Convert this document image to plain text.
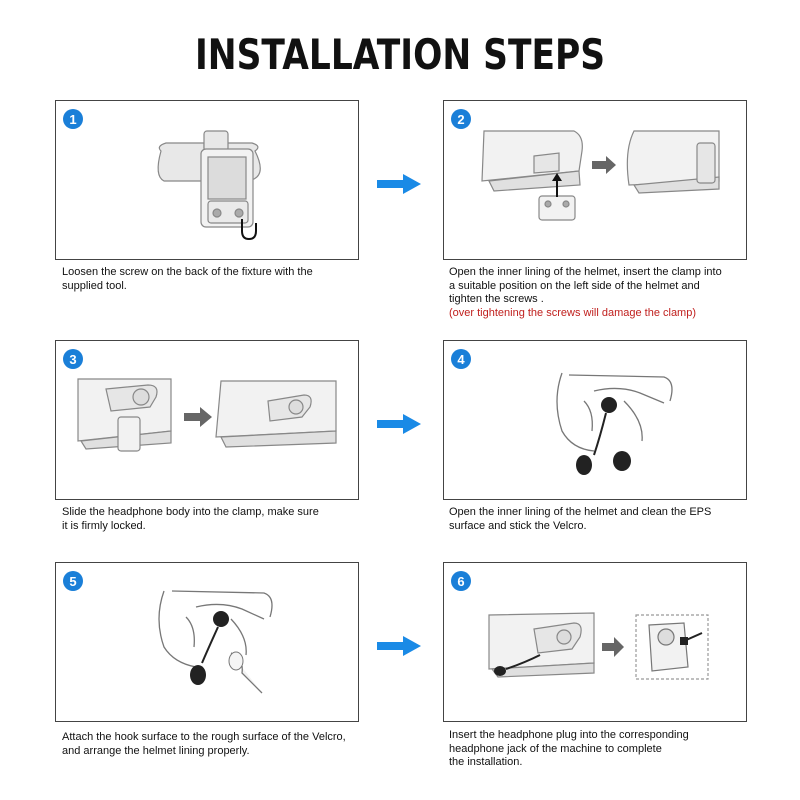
INSTALLATION STEPS
1
Loosen the screw on the back of the fixture with the
supplied tool.
2
Open the inner lining of the helmet, insert the clamp into
a suitable position on the left side of the helmet and
tighten the screws .
(over tightening the screws will damage the clamp)
3
Slide the headphone body into the clamp, make sure
it is firmly locked.
4
Open the inner lining of the helmet and clean the EPS
surface and stick the Velcro.
5
Attach the hook surface to the rough surface of the Velcro,
and arrange the helmet lining properly.
6
Insert the headphone plug into the corresponding
headphone jack of the machine to complete
the installation.
